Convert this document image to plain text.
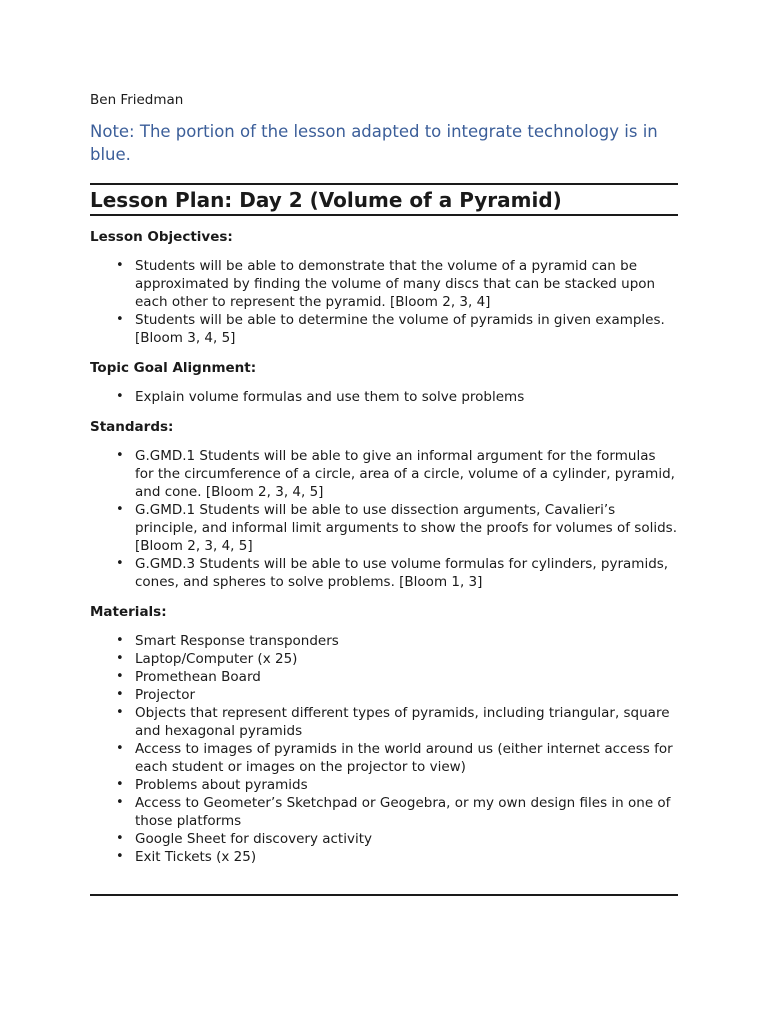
Ben Friedman

Note: The portion of the lesson adapted to integrate technology is in blue.

Lesson Plan: Day 2 (Volume of a Pyramid)
Lesson Objectives:
• Students will be able to demonstrate that the volume of a pyramid can be approximated by finding the volume of many discs that can be stacked upon each other to represent the pyramid. [Bloom 2, 3, 4]
• Students will be able to determine the volume of pyramids in given examples. [Bloom 3, 4, 5]
Topic Goal Alignment:
• Explain volume formulas and use them to solve problems
Standards:
• G.GMD.1 Students will be able to give an informal argument for the formulas for the circumference of a circle, area of a circle, volume of a cylinder, pyramid, and cone. [Bloom 2, 3, 4, 5]
• G.GMD.1 Students will be able to use dissection arguments, Cavalieri’s principle, and informal limit arguments to show the proofs for volumes of solids. [Bloom 2, 3, 4, 5]
• G.GMD.3 Students will be able to use volume formulas for cylinders, pyramids, cones, and spheres to solve problems. [Bloom 1, 3]
Materials:
• Smart Response transponders
• Laptop/Computer (x 25)
• Promethean Board
• Projector
• Objects that represent different types of pyramids, including triangular, square and hexagonal pyramids
• Access to images of pyramids in the world around us (either internet access for each student or images on the projector to view)
• Problems about pyramids
• Access to Geometer’s Sketchpad or Geogebra, or my own design files in one of those platforms
• Google Sheet for discovery activity
• Exit Tickets (x 25)
